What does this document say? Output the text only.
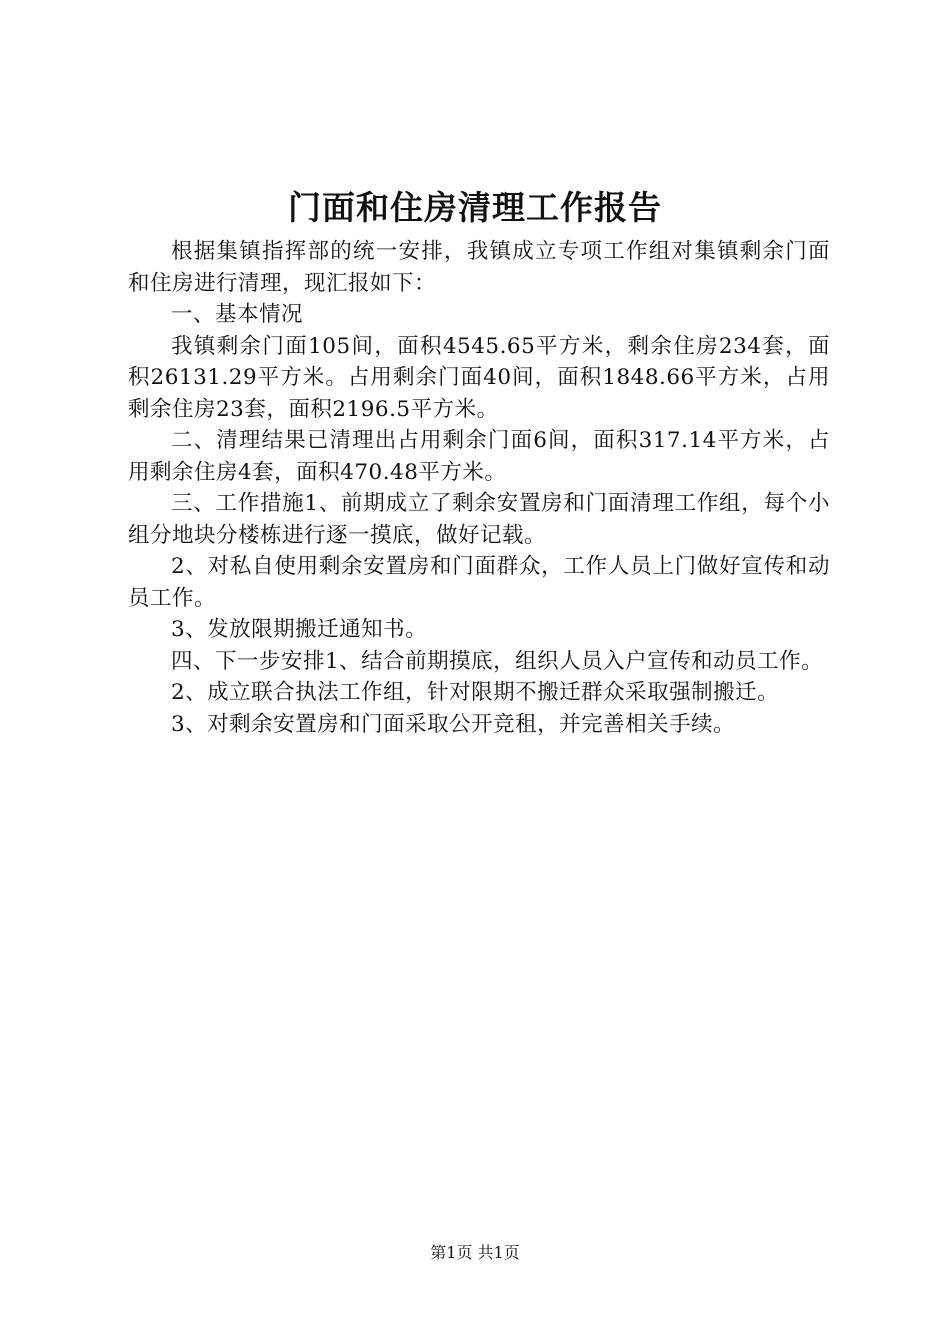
门面和住房清理工作报告

根据集镇指挥部的统一安排，我镇成立专项工作组对集镇剩余门面和住房进行清理，现汇报如下：

一、基本情况

我镇剩余门面105间，面积4545.65平方米，剩余住房234套，面积26131.29平方米。占用剩余门面40间，面积1848.66平方米，占用剩余住房23套，面积2196.5平方米。

二、清理结果已清理出占用剩余门面6间，面积317.14平方米，占用剩余住房4套，面积470.48平方米。

三、工作措施1、前期成立了剩余安置房和门面清理工作组，每个小组分地块分楼栋进行逐一摸底，做好记载。

2、对私自使用剩余安置房和门面群众，工作人员上门做好宣传和动员工作。

3、发放限期搬迁通知书。

四、下一步安排1、结合前期摸底，组织人员入户宣传和动员工作。

2、成立联合执法工作组，针对限期不搬迁群众采取强制搬迁。

3、对剩余安置房和门面采取公开竞租，并完善相关手续。

第1页 共1页
